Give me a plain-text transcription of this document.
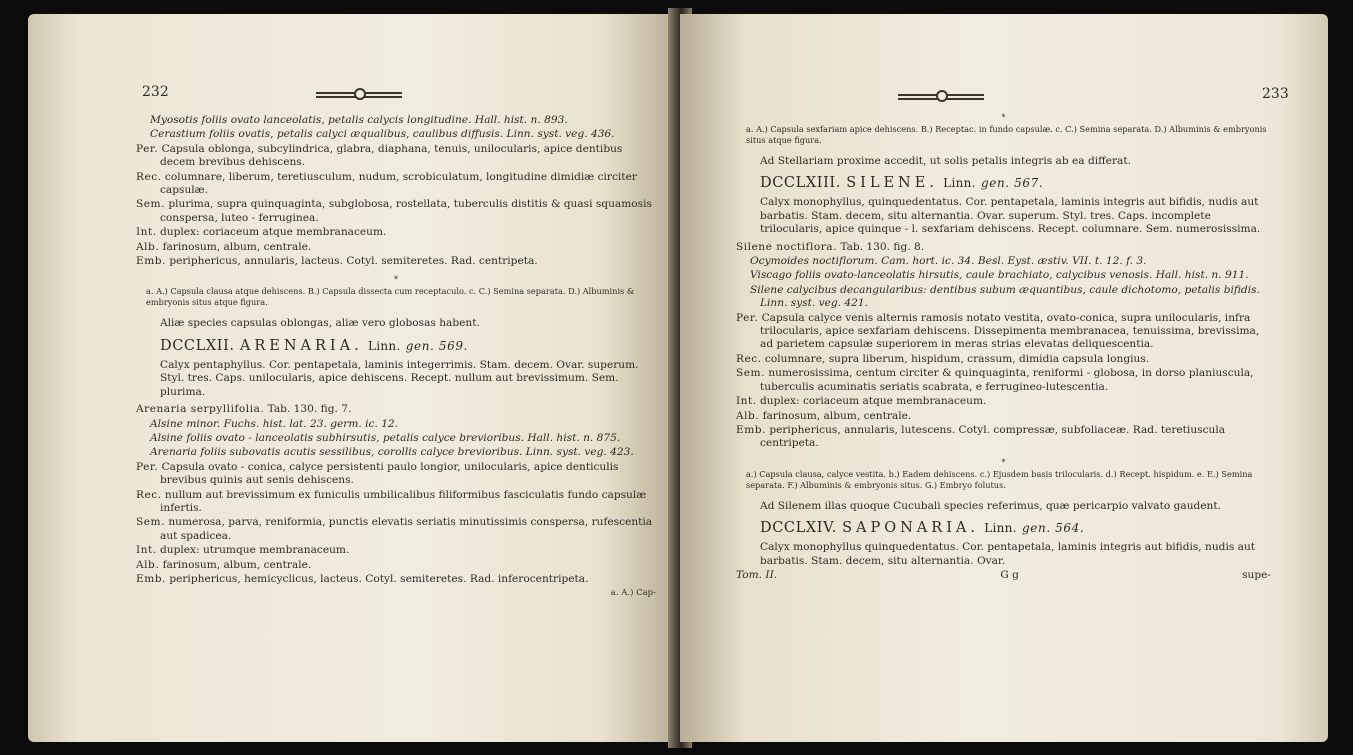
232

Myosotis foliis ovato lanceolatis, petalis calycis longitudine. Hall. hist. n. 893.

Cerastium foliis ovatis, petalis calyci æqualibus, caulibus diffusis. Linn. syst. veg. 436.

Per. Capsula oblonga, subcylindrica, glabra, diaphana, tenuis, unilocularis, apice dentibus decem brevibus dehiscens.

Rec. columnare, liberum, teretiusculum, nudum, scrobiculatum, longitudine dimidiæ circiter capsulæ.

Sem. plurima, supra quinquaginta, subglobosa, rostellata, tuberculis distitis & quasi squamosis conspersa, luteo - ferruginea.

Int. duplex: coriaceum atque membranaceum.

Alb. farinosum, album, centrale.

Emb. periphericus, annularis, lacteus. Cotyl. semiteretes. Rad. centripeta.

*

a. A.) Capsula clausa atque dehiscens. B.) Capsula dissecta cum receptaculo. c. C.) Semina separata. D.) Albuminis & embryonis situs atque figura.

Aliæ species capsulas oblongas, aliæ vero globosas habent.

DCCLXII. ARENARIA. Linn. gen. 569.

Calyx pentaphyllus. Cor. pentapetala, laminis integerrimis. Stam. decem. Ovar. superum. Styl. tres. Caps. unilocularis, apice dehiscens. Recept. nullum aut brevissimum. Sem. plurima.

Arenaria serpyllifolia. Tab. 130. fig. 7.

Alsine minor. Fuchs. hist. lat. 23. germ. ic. 12.

Alsine foliis ovato - lanceolatis subhirsutis, petalis calyce brevioribus. Hall. hist. n. 875.

Arenaria foliis subovatis acutis sessilibus, corollis calyce brevioribus. Linn. syst. veg. 423.

Per. Capsula ovato - conica, calyce persistenti paulo longior, unilocularis, apice denticulis brevibus quinis aut senis dehiscens.

Rec. nullum aut brevissimum ex funiculis umbilicalibus filiformibus fasciculatis fundo capsulæ infertis.

Sem. numerosa, parva, reniformia, punctis elevatis seriatis minutissimis conspersa, rufescentia aut spadicea.

Int. duplex: utrumque membranaceum.

Alb. farinosum, album, centrale.

Emb. periphericus, hemicyclicus, lacteus. Cotyl. semiteretes. Rad. inferocentripeta.

a. A.) Cap-

233
*

a. A.) Capsula sexfariam apice dehiscens. B.) Receptac. in fundo capsulæ. c. C.) Semina separata. D.) Albuminis & embryonis situs atque figura.

Ad Stellariam proxime accedit, ut solis petalis integris ab ea differat.

DCCLXIII. SILENE. Linn. gen. 567.

Calyx monophyllus, quinquedentatus. Cor. pentapetala, laminis integris aut bifidis, nudis aut barbatis. Stam. decem, situ alternantia. Ovar. superum. Styl. tres. Caps. incomplete trilocularis, apice quinque - l. sexfariam dehiscens. Recept. columnare. Sem. numerosissima.

Silene noctiflora. Tab. 130. fig. 8.

Ocymoides noctiflorum. Cam. hort. ic. 34. Besl. Eyst. æstiv. VII. t. 12. f. 3.

Viscago foliis ovato-lanceolatis hirsutis, caule brachiato, calycibus venosis. Hall. hist. n. 911.

Silene calycibus decangularibus: dentibus subum æquantibus, caule dichotomo, petalis bifidis. Linn. syst. veg. 421.

Per. Capsula calyce venis alternis ramosis notato vestita, ovato-conica, supra unilocularis, infra trilocularis, apice sexfariam dehiscens. Dissepimenta membranacea, tenuissima, brevissima, ad parietem capsulæ superiorem in meras strias elevatas deliquescentia.

Rec. columnare, supra liberum, hispidum, crassum, dimidia capsula longius.

Sem. numerosissima, centum circiter & quinquaginta, reniformi - globosa, in dorso planiuscula, tuberculis acuminatis seriatis scabrata, e ferrugineo-lutescentia.

Int. duplex: coriaceum atque membranaceum.

Alb. farinosum, album, centrale.

Emb. periphericus, annularis, lutescens. Cotyl. compressæ, subfoliaceæ. Rad. teretiuscula centripeta.

*

a.) Capsula clausa, calyce vestita. b.) Eadem dehiscens. c.) Ejusdem basis trilocularis. d.) Recept. hispidum. e. E.) Semina separata. F.) Albuminis & embryonis situs. G.) Embryo folutus.

Ad Silenem illas quoque Cucubali species referimus, quæ pericarpio valvato gaudent.

DCCLXIV. SAPONARIA. Linn. gen. 564.

Calyx monophyllus quinquedentatus. Cor. pentapetala, laminis integris aut bifidis, nudis aut barbatis. Stam. decem, situ alternantia. Ovar.

Tom. II.	G g	supe-
